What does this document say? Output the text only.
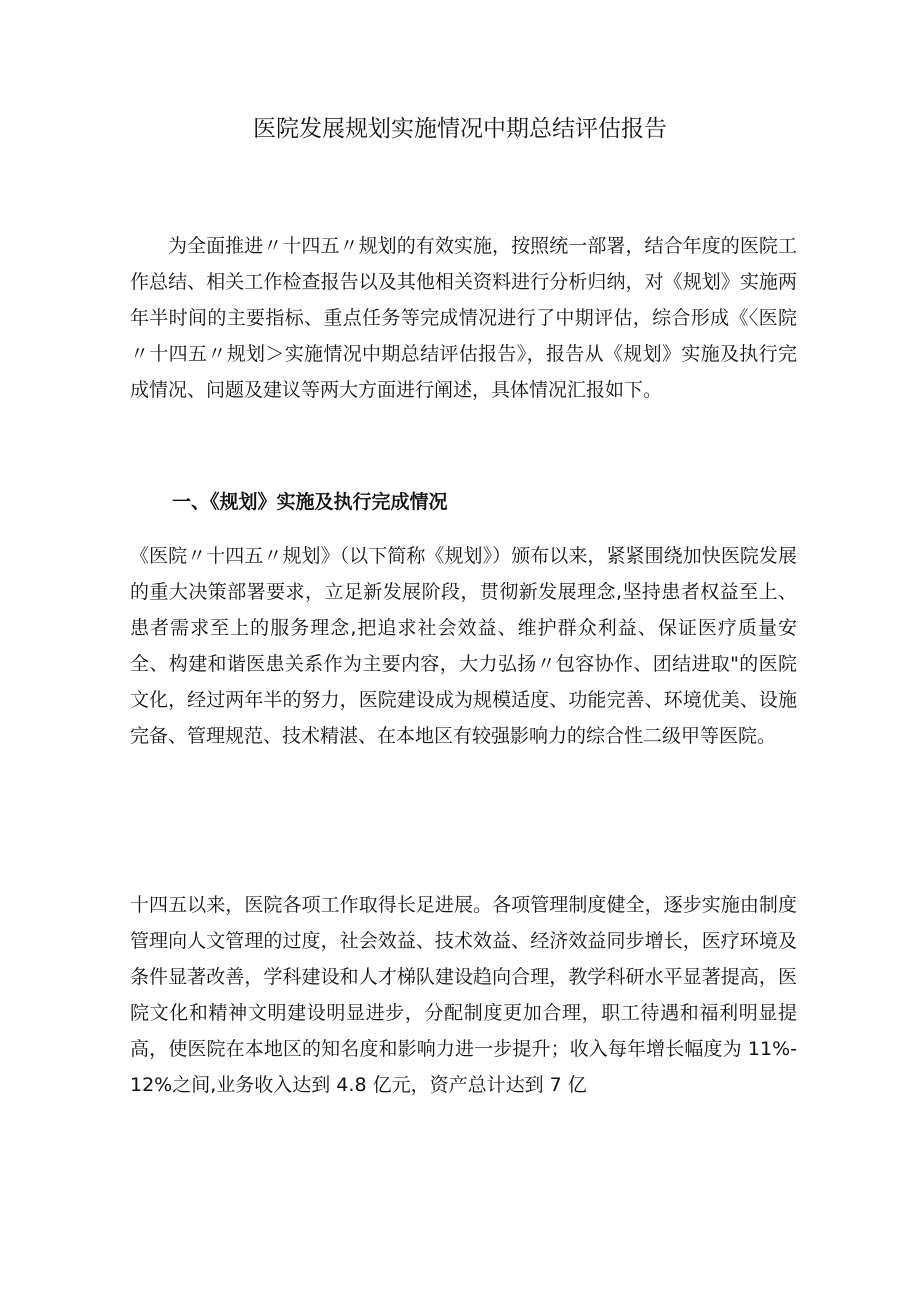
医院发展规划实施情况中期总结评估报告

为全面推进〃十四五〃规划的有效实施，按照统一部署，结合年度的医院工作总结、相关工作检查报告以及其他相关资料进行分析归纳，对《规划》实施两年半时间的主要指标、重点任务等完成情况进行了中期评估，综合形成《〈医院〃十四五〃规划＞实施情况中期总结评估报告》，报告从《规划》实施及执行完成情况、问题及建议等两大方面进行阐述，具体情况汇报如下。

一、《规划》实施及执行完成情况

《医院〃十四五〃规划》（以下简称《规划》）颁布以来，紧紧围绕加快医院发展的重大决策部署要求，立足新发展阶段，贯彻新发展理念,坚持患者权益至上、患者需求至上的服务理念,把追求社会效益、维护群众利益、保证医疗质量安全、构建和谐医患关系作为主要内容，大力弘扬〃包容协作、团结进取"的医院文化，经过两年半的努力，医院建设成为规模适度、功能完善、环境优美、设施完备、管理规范、技术精湛、在本地区有较强影响力的综合性二级甲等医院。

十四五以来，医院各项工作取得长足进展。各项管理制度健全，逐步实施由制度管理向人文管理的过度，社会效益、技术效益、经济效益同步增长，医疗环境及条件显著改善，学科建设和人才梯队建设趋向合理，教学科研水平显著提高，医院文化和精神文明建设明显进步，分配制度更加合理，职工待遇和福利明显提高，使医院在本地区的知名度和影响力进一步提升；收入每年增长幅度为 11%-12%之间,业务收入达到 4.8 亿元，资产总计达到 7 亿
